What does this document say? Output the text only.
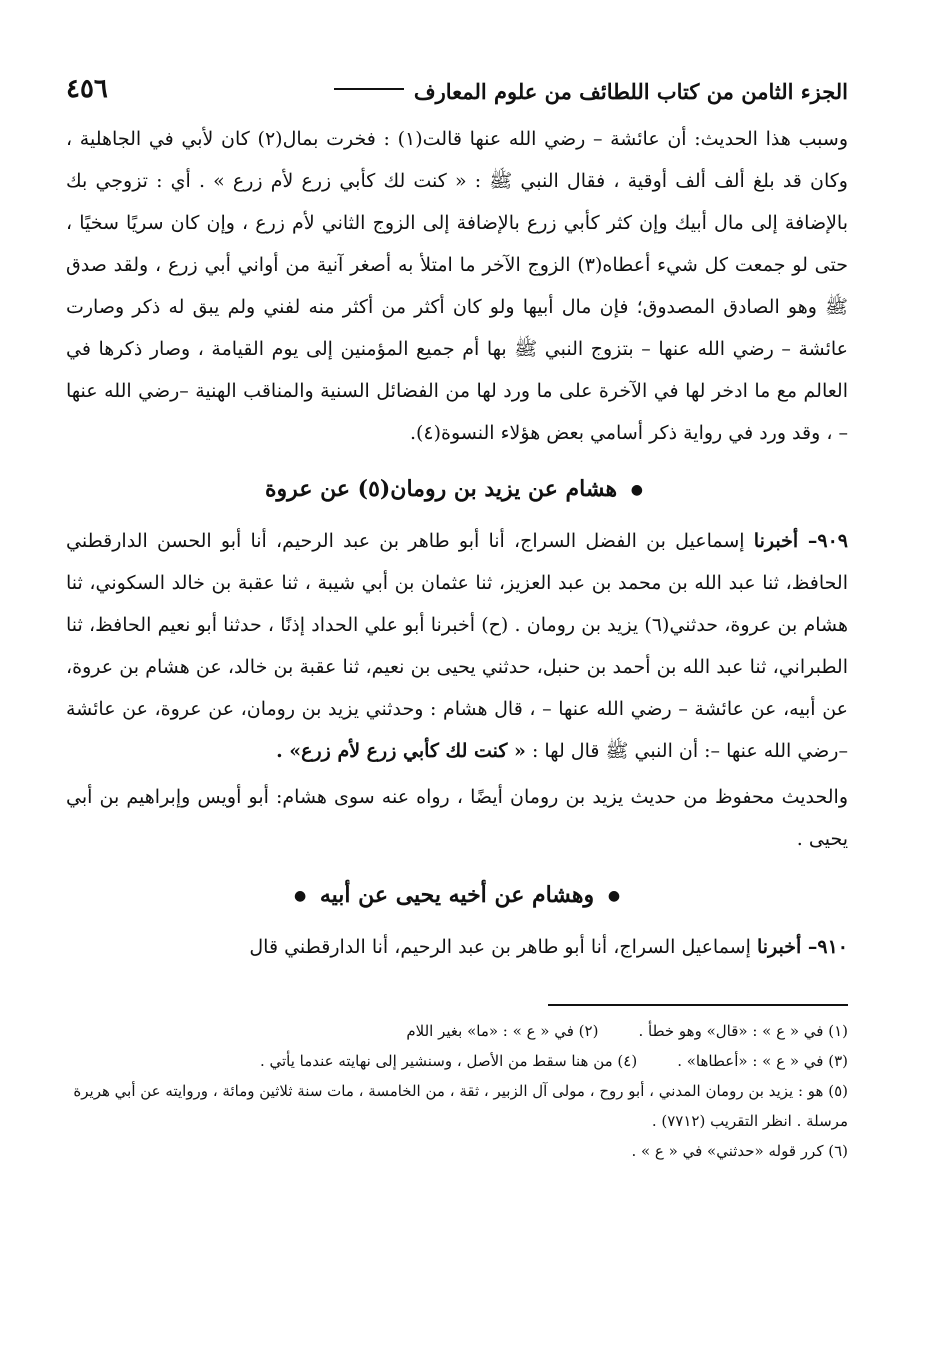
الجزء الثامن من كتاب اللطائف من علوم المعارف
٤٥٦

وسبب هذا الحديث: أن عائشة – رضي الله عنها قالت(١) : فخرت بمال(٢) كان لأبي في الجاهلية ، وكان قد بلغ ألف ألف أوقية ، فقال النبي ﷺ : « كنت لك كأبي زرع لأم زرع » . أي : تزوجي بك بالإضافة إلى مال أبيك وإن كثر كأبي زرع بالإضافة إلى الزوج الثاني لأم زرع ، وإن كان سريًا سخيًا ، حتى لو جمعت كل شيء أعطاه(٣) الزوج الآخر ما امتلأ به أصغر آنية من أواني أبي زرع ، ولقد صدق ﷺ وهو الصادق المصدوق؛ فإن مال أبيها ولو كان أكثر من أكثر منه لفني ولم يبق له ذكر وصارت عائشة – رضي الله عنها – بتزوج النبي ﷺ بها أم جميع المؤمنين إلى يوم القيامة ، وصار ذكرها في العالم مع ما ادخر لها في الآخرة على ما ورد لها من الفضائل السنية والمناقب الهنية –رضي الله عنها – ، وقد ورد في رواية ذكر أسامي بعض هؤلاء النسوة(٤).

● هشام عن يزيد بن رومان(٥) عن عروة

٩٠٩– أخبرنا إسماعيل بن الفضل السراج، أنا أبو طاهر بن عبد الرحيم، أنا أبو الحسن الدارقطني الحافظ، ثنا عبد الله بن محمد بن عبد العزيز، ثنا عثمان بن أبي شيبة ، ثنا عقبة بن خالد السكوني، ثنا هشام بن عروة، حدثني(٦) يزيد بن رومان . (ح) أخبرنا أبو علي الحداد إذنًا ، حدثنا أبو نعيم الحافظ، ثنا الطبراني، ثنا عبد الله بن أحمد بن حنبل، حدثني يحيى بن نعيم، ثنا عقبة بن خالد، عن هشام بن عروة، عن أبيه، عن عائشة – رضي الله عنها – ، قال هشام : وحدثني يزيد بن رومان، عن عروة، عن عائشة –رضي الله عنها –: أن النبي ﷺ قال لها : « كنت لك كأبي زرع لأم زرع» .

والحديث محفوظ من حديث يزيد بن رومان أيضًا ، رواه عنه سوى هشام: أبو أويس وإبراهيم بن أبي يحيى .

● وهشام عن أخيه يحيى عن أبيه ●

٩١٠– أخبرنا إسماعيل السراج، أنا أبو طاهر بن عبد الرحيم، أنا الدارقطني قال

(١) في « ع » : «قال» وهو خطأ .
(٢) في « ع » : «ما» بغير اللام
(٣) في « ع » : «أعطاها» .
(٤) من هنا سقط من الأصل ، وسنشير إلى نهايته عندما يأتي .

(٥) هو : يزيد بن رومان المدني ، أبو روح ، مولى آل الزبير ، ثقة ، من الخامسة ، مات سنة ثلاثين ومائة ، وروايته عن أبي هريرة مرسلة . انظر التقريب (٧٧١٢) .

(٦) كرر قوله «حدثني» في « ع » .
